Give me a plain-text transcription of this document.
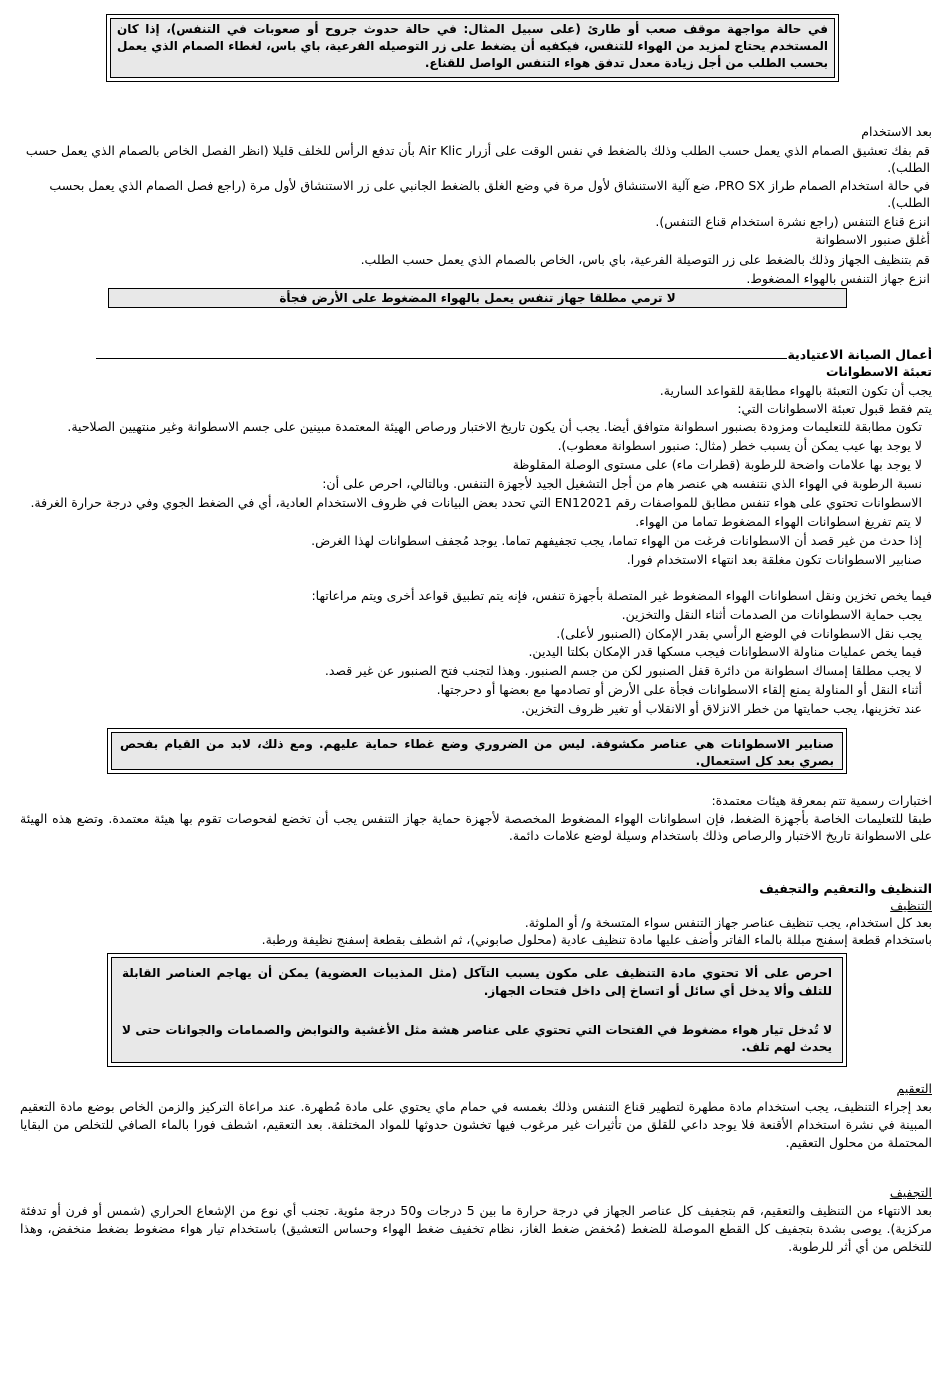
في حالة مواجهة موقف صعب أو طارئ (على سبيل المثال: في حالة حدوث جروح أو صعوبات في التنفس)، إذا كان المستخدم يحتاج لمزيد من الهواء للتنفس، فيكفيه أن يضغط على زر التوصيله الفرعية، باي باس، لغطاء الصمام الذي يعمل بحسب الطلب من أجل زيادة معدل تدفق هواء التنفس الواصل للقناع.
بعد الاستخدام
قم بفك تعشيق الصمام الذي يعمل حسب الطلب وذلك بالضغط في نفس الوقت على أزرار Air Klic بأن تدفع الرأس للخلف قليلا (انظر الفصل الخاص بالصمام الذي يعمل حسب
الطلب).
في حالة استخدام الصمام طراز PRO SX، ضع آلية الاستنشاق لأول مرة في وضع الغلق بالضغط الجانبي على زر الاستنشاق لأول مرة (راجع فصل الصمام الذي يعمل بحسب
الطلب).
انزع قناع التنفس (راجع نشرة استخدام قناع التنفس).
أغلق صنبور الاسطوانة
قم بتنظيف الجهاز وذلك بالضغط على زر التوصيلة الفرعية، باي باس، الخاص بالصمام الذي يعمل حسب الطلب.
انزع جهاز التنفس بالهواء المضغوط.
لا ترمي مطلقا جهاز تنفس يعمل بالهواء المضغوط على الأرض فجأة
أعمال الصيانة الاعتيادية
تعبئة الاسطوانات
يجب أن تكون التعبئة بالهواء مطابقة للقواعد السارية.
يتم فقط قبول تعبئة الاسطوانات التي:
تكون مطابقة للتعليمات ومزودة بصنبور اسطوانة متوافق أيضا. يجب أن يكون تاريخ الاختبار ورصاص الهيئة المعتمدة مبينين على جسم الاسطوانة وغير منتهيين الصلاحية.
لا يوجد بها عيب يمكن أن يسبب خطر (مثال: صنبور اسطوانة معطوب).
لا يوجد بها علامات واضحة للرطوبة (قطرات ماء) على مستوى الوصلة المقلوظة
نسبة الرطوبة في الهواء الذي نتنفسه هي عنصر هام من أجل التشغيل الجيد لأجهزة التنفس. وبالتالي، احرص على أن:
الاسطوانات تحتوي على هواء تنفس مطابق للمواصفات رقم EN12021 التي تحدد بعض البيانات في ظروف الاستخدام العادية، أي في الضغط الجوي وفي درجة حرارة الغرفة.
لا يتم تفريغ اسطوانات الهواء المضغوط تماما من الهواء.
إذا حدث من غير قصد أن الاسطوانات فرغت من الهواء تماما، يجب تجفيفهم تماما. يوجد مُجفف اسطوانات لهذا الغرض.
صنابير الاسطوانات تكون مغلقة بعد انتهاء الاستخدام فورا.
فيما يخص تخزين ونقل اسطوانات الهواء المضغوط غير المتصلة بأجهزة تنفس، فإنه يتم تطبيق قواعد أخرى ويتم مراعاتها:
يجب حماية الاسطوانات من الصدمات أثناء النقل والتخزين.
يجب نقل الاسطوانات في الوضع الرأسي بقدر الإمكان (الصنبور لأعلى).
فيما يخص عمليات مناولة الاسطوانات فيجب مسكها قدر الإمكان بكلتا اليدين.
لا يجب مطلقا إمساك اسطوانة من دائرة قفل الصنبور لكن من جسم الصنبور. وهذا لتجنب فتح الصنبور عن غير قصد.
أثناء النقل أو المناولة يمنع إلقاء الاسطوانات فجأة على الأرض أو تصادمها مع بعضها أو دحرجتها.
عند تخزينها، يجب حمايتها من خطر الانزلاق أو الانقلاب أو تغير ظروف التخزين.
صنابير الاسطوانات هي عناصر مكشوفة. ليس من الضروري وضع غطاء حماية عليهم. ومع ذلك، لابد من القيام بفحص بصري بعد كل استعمال.
اختبارات رسمية تتم بمعرفة هيئات معتمدة:
طبقا للتعليمات الخاصة بأجهزة الضغط، فإن اسطوانات الهواء المضغوط المخصصة لأجهزة حماية جهاز التنفس يجب أن تخضع لفحوصات تقوم بها هيئة معتمدة. وتضع هذه الهيئة على الاسطوانة تاريخ الاختبار والرصاص وذلك باستخدام وسيلة لوضع علامات دائمة.
التنظيف والتعقيم والتجفيف
التنظيف
بعد كل استخدام، يجب تنظيف عناصر جهاز التنفس سواء المتسخة و/ أو الملوثة.
باستخدام قطعة إسفنج مبللة بالماء الفاتر وأضف عليها مادة تنظيف عادية (محلول صابوني)، ثم اشطف بقطعة إسفنج نظيفة ورطبة.
احرص على ألا تحتوي مادة التنظيف على مكون يسبب التآكل (مثل المذيبات العضوية) يمكن أن يهاجم العناصر القابلة للتلف وألا يدخل أي سائل أو اتساخ إلى داخل فتحات الجهاز.
لا تُدخل تيار هواء مضغوط في الفتحات التي تحتوي على عناصر هشة مثل الأغشية والنوابض والصمامات والجوانات حتى لا يحدث لهم تلف.
التعقيم
بعد إجراء التنظيف، يجب استخدام مادة مطهرة لتطهير قناع التنفس وذلك بغمسه في حمام ماي يحتوي على مادة مُطهرة. عند مراعاة التركيز والزمن الخاص بوضع مادة التعقيم المبينة في نشرة استخدام الأقنعة فلا يوجد داعي للقلق من تأثيرات غير مرغوب فيها تخشون حدوثها للمواد المختلفة. بعد التعقيم، اشطف فورا بالماء الصافي للتخلص من البقايا المحتملة من محلول التعقيم.
التجفيف
بعد الانتهاء من التنظيف والتعقيم، قم بتجفيف كل عناصر الجهاز في درجة حرارة ما بين 5 درجات و50 درجة مئوية. تجنب أي نوع من الإشعاع الحراري (شمس أو فرن أو تدفئة مركزية). يوصى بشدة بتجفيف كل القطع الموصلة للضغط (مُخفض ضغط الغاز، نظام تخفيف ضغط الهواء وحساس التعشيق) باستخدام تيار هواء مضغوط بضغط منخفض، وهذا للتخلص من أي أثر للرطوبة.
